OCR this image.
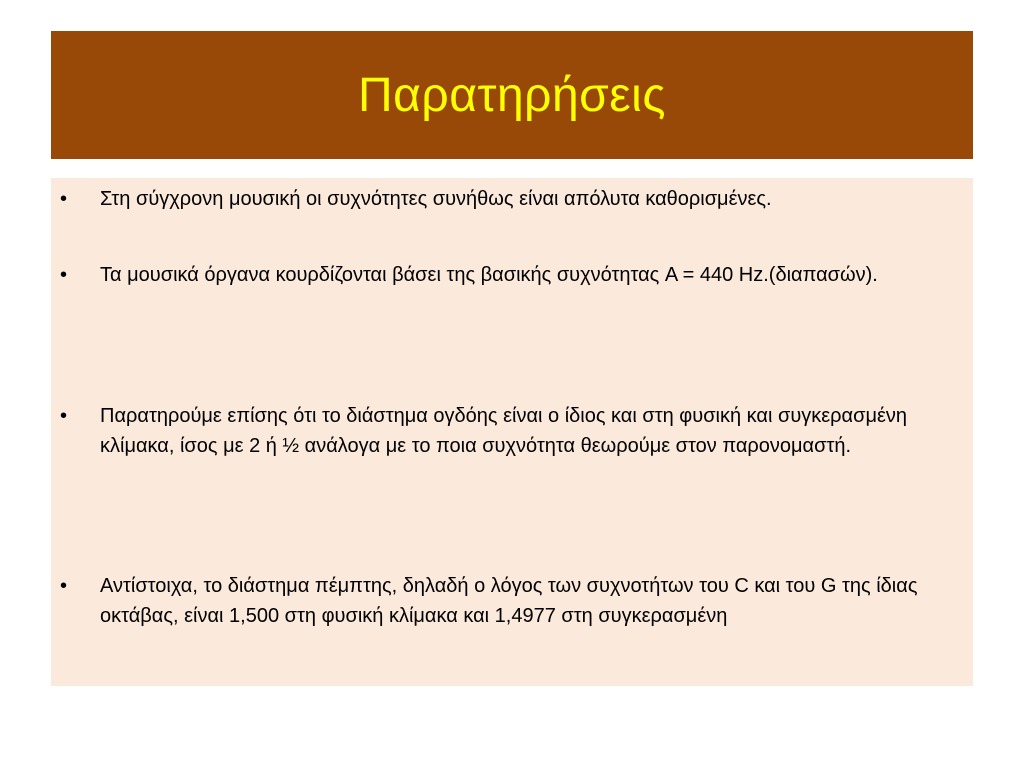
Παρατηρήσεις
• Στη σύγχρονη μουσική οι συχνότητες συνήθως είναι απόλυτα καθορισμένες.
• Τα μουσικά όργανα κουρδίζονται βάσει της βασικής συχνότητας A = 440 Hz.(διαπασών).
• Παρατηρούμε επίσης ότι το διάστημα ογδόης είναι ο ίδιος και στη φυσική και συγκερασμένη κλίμακα, ίσος με 2 ή ½ ανάλογα με το ποια συχνότητα θεωρούμε στον παρονομαστή.
• Αντίστοιχα, το διάστημα πέμπτης, δηλαδή ο λόγος των συχνοτήτων του C και του G της ίδιας οκτάβας, είναι 1,500 στη φυσική κλίμακα και 1,4977 στη συγκερασμένη
